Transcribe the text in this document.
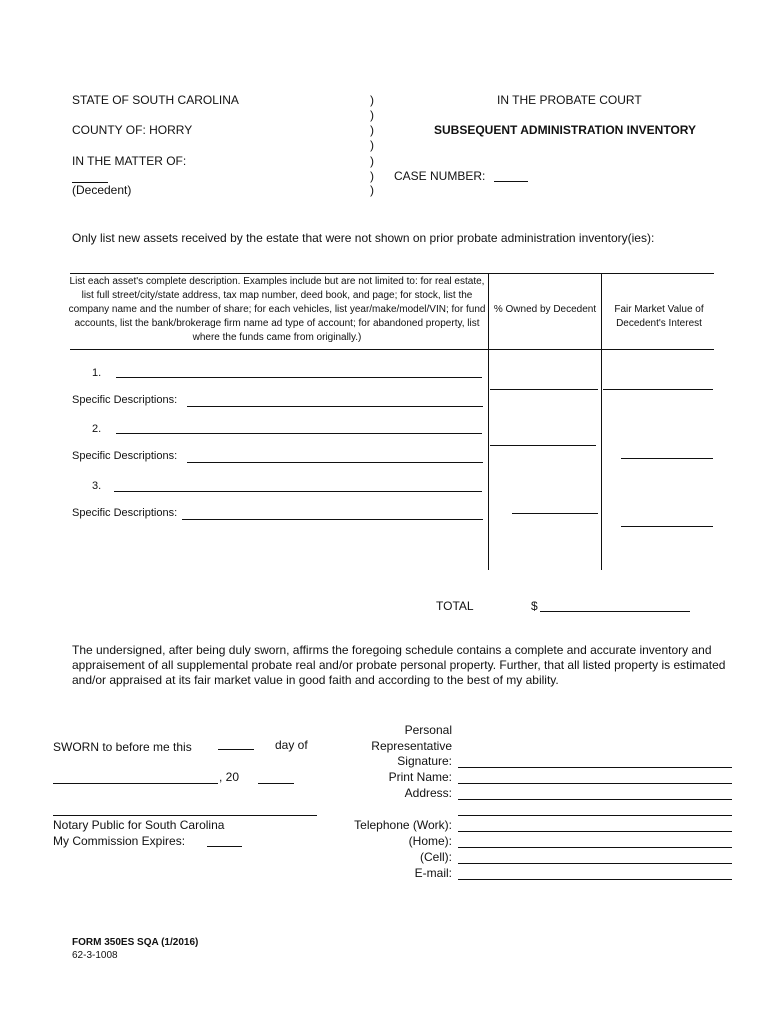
STATE OF SOUTH CAROLINA
COUNTY OF: HORRY
IN THE MATTER OF:
(Decedent)
)
)
)
)
)
)
)
IN THE PROBATE COURT
SUBSEQUENT ADMINISTRATION INVENTORY
CASE NUMBER:
Only list new assets received by the estate that were not shown on prior probate administration inventory(ies):
List each asset's complete description. Examples include but are not limited to: for real estate, list full street/city/state address, tax map number, deed book, and page; for stock, list the company name and the number of share; for each vehicles, list year/make/model/VIN; for fund accounts, list the bank/brokerage firm name ad type of account; for abandoned property, list where the funds came from originally.)
% Owned by Decedent	Fair Market Value of Decedent's Interest
1.
Specific Descriptions:
2.
Specific Descriptions:
3.
Specific Descriptions:
TOTAL	$
The undersigned, after being duly sworn, affirms the foregoing schedule contains a complete and accurate inventory and appraisement of all supplemental probate real and/or probate personal property. Further, that all listed property is estimated and/or appraised at its fair market value in good faith and according to the best of my ability.
SWORN to before me this	day of
, 20
Notary Public for South Carolina
My Commission Expires:
Personal
Representative
Signature:
Print Name:
Address:
Telephone (Work):
(Home):
(Cell):
E-mail:
FORM 350ES SQA (1/2016)
62-3-1008
